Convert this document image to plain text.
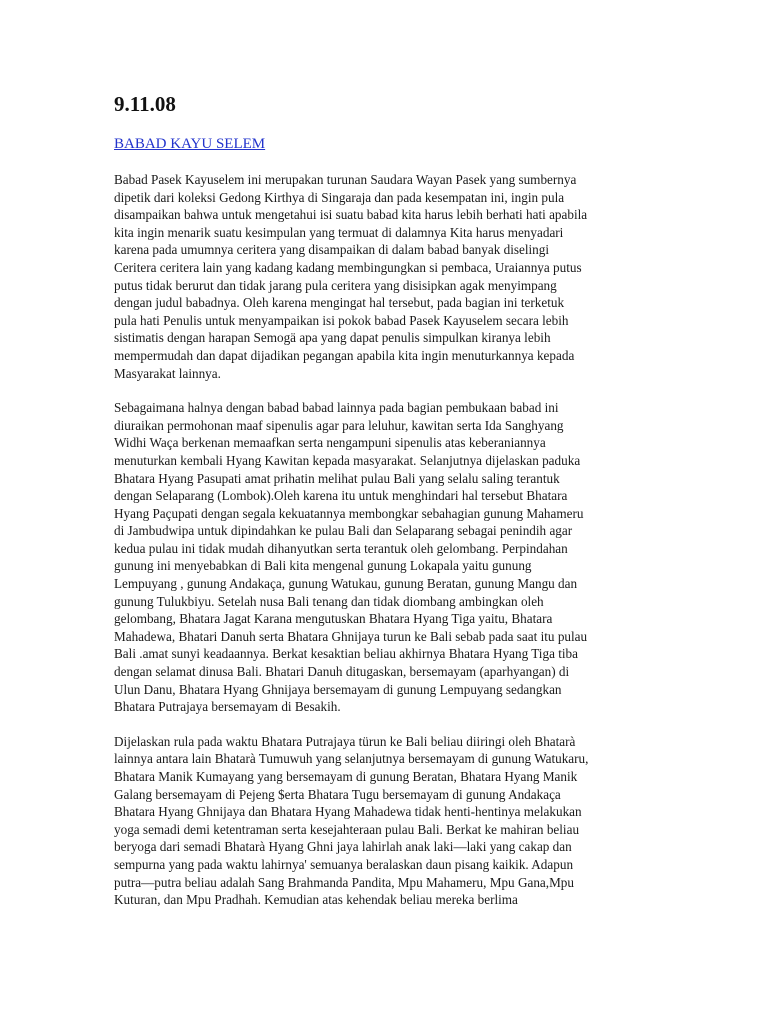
9.11.08
BABAD KAYU SELEM
Babad Pasek Kayuselem ini merupakan turunan Saudara Wayan Pasek yang sumbernya
dipetik dari koleksi Gedong Kirthya di Singaraja dan pada kesempatan ini, ingin pula
disampaikan bahwa untuk mengetahui isi suatu babad kita harus lebih berhati hati apabila
kita ingin menarik suatu kesimpulan yang termuat di dalamnya Kita harus menyadari
karena pada umumnya ceritera yang disampaikan di dalam babad banyak diselingi
Ceritera ceritera lain yang kadang kadang membingungkan si pembaca, Uraiannya putus
putus tidak berurut dan tidak jarang pula ceritera yang disisipkan agak menyimpang
dengan judul babadnya. Oleh karena mengingat hal tersebut, pada bagian ini terketuk
pula hati Penulis untuk menyampaikan isi pokok babad Pasek Kayuselem secara lebih
sistimatis dengan harapan Semogä apa yang dapat penulis simpulkan kiranya lebih
mempermudah dan dapat dijadikan pegangan apabila kita ingin menuturkannya kepada
Masyarakat lainnya.
Sebagaimana halnya dengan babad babad lainnya pada bagian pembukaan babad ini
diuraikan permohonan maaf sipenulis agar para leluhur, kawitan serta Ida Sanghyang
Widhi Waça berkenan memaafkan serta nengampuni sipenulis atas keberaniannya
menuturkan kembali Hyang Kawitan kepada masyarakat. Selanjutnya dijelaskan paduka
Bhatara Hyang Pasupati amat prihatin melihat pulau Bali yang selalu saling terantuk
dengan Selaparang (Lombok).Oleh karena itu untuk menghindari hal tersebut Bhatara
Hyang Paçupati dengan segala kekuatannya membongkar sebahagian gunung Mahameru
di Jambudwipa untuk dipindahkan ke pulau Bali dan Selaparang sebagai penindih agar
kedua pulau ini tidak mudah dihanyutkan serta terantuk oleh gelombang. Perpindahan
gunung ini menyebabkan di Bali kita mengenal gunung Lokapala yaitu gunung
Lempuyang , gunung Andakaça, gunung Watukau, gunung Beratan, gunung Mangu dan
gunung Tulukbiyu. Setelah nusa Bali tenang dan tidak diombang ambingkan oleh
gelombang, Bhatara Jagat Karana mengutuskan Bhatara Hyang Tiga yaitu, Bhatara
Mahadewa, Bhatari Danuh serta Bhatara Ghnijaya turun ke Bali sebab pada saat itu pulau
Bali .amat sunyi keadaannya. Berkat kesaktian beliau akhirnya Bhatara Hyang Tiga tiba
dengan selamat dinusa Bali. Bhatari Danuh ditugaskan, bersemayam (aparhyangan) di
Ulun Danu, Bhatara Hyang Ghnijaya bersemayam di gunung Lempuyang sedangkan
Bhatara Putrajaya bersemayam di Besakih.
Dijelaskan rula pada waktu Bhatara Putrajaya türun ke Bali beliau diiringi oleh Bhatarà
lainnya antara lain Bhatarà Tumuwuh yang selanjutnya bersemayam di gunung Watukaru,
Bhatara Manik Kumayang yang bersemayam di gunung Beratan, Bhatara Hyang Manik
Galang bersemayam di Pejeng $erta Bhatara Tugu bersemayam di gunung Andakaça
Bhatara Hyang Ghnijaya dan Bhatara Hyang Mahadewa tidak henti-hentinya melakukan
yoga semadi demi ketentraman serta kesejahteraan pulau Bali. Berkat ke mahiran beliau
beryoga dari semadi Bhatarà Hyang Ghni jaya lahirlah anak laki—laki yang cakap dan
sempurna yang pada waktu lahirnya' semuanya beralaskan daun pisang kaikik. Adapun
putra—putra beliau adalah Sang Brahmanda Pandita, Mpu Mahameru, Mpu Gana,Mpu
Kuturan, dan Mpu Pradhah. Kemudian atas kehendak beliau mereka berlima
